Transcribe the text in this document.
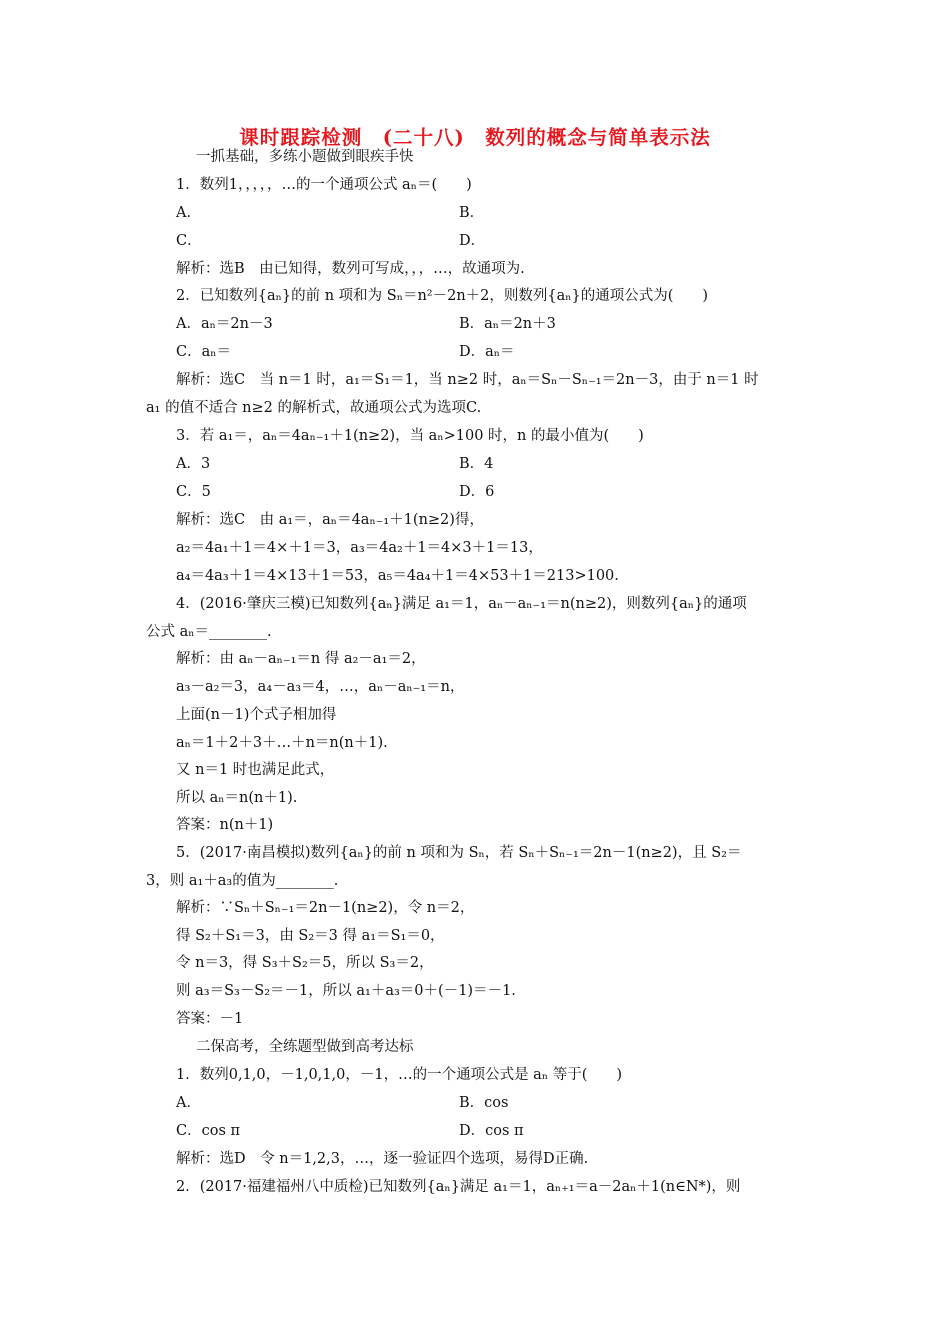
课时跟踪检测　(二十八)　数列的概念与简单表示法
一抓基础，多练小题做到眼疾手快
1．数列1，，，，，…的一个通项公式 aₙ＝(　　)
A．	B．
C．	D．
解析：选B　由已知得，数列可写成，，，…，故通项为.
2．已知数列{aₙ}的前 n 项和为 Sₙ＝n²－2n＋2，则数列{aₙ}的通项公式为(　　)
A．aₙ＝2n－3	B．aₙ＝2n＋3
C．aₙ＝	D．aₙ＝
解析：选C　当 n＝1 时，a₁＝S₁＝1，当 n≥2 时，aₙ＝Sₙ－Sₙ₋₁＝2n－3，由于 n＝1 时
a₁ 的值不适合 n≥2 的解析式，故通项公式为选项C.
3．若 a₁＝，aₙ＝4aₙ₋₁＋1(n≥2)，当 aₙ>100 时，n 的最小值为(　　)
A．3	B．4
C．5	D．6
解析：选C　由 a₁＝，aₙ＝4aₙ₋₁＋1(n≥2)得，
a₂＝4a₁＋1＝4×＋1＝3，a₃＝4a₂＋1＝4×3＋1＝13，
a₄＝4a₃＋1＝4×13＋1＝53，a₅＝4a₄＋1＝4×53＋1＝213>100.
4．(2016·肇庆三模)已知数列{aₙ}满足 a₁＝1，aₙ－aₙ₋₁＝n(n≥2)，则数列{aₙ}的通项
公式 aₙ＝________.
解析：由 aₙ－aₙ₋₁＝n 得 a₂－a₁＝2，
a₃－a₂＝3，a₄－a₃＝4，…，aₙ－aₙ₋₁＝n，
上面(n－1)个式子相加得
aₙ＝1＋2＋3＋…＋n＝n(n＋1).
又 n＝1 时也满足此式，
所以 aₙ＝n(n＋1).
答案：n(n＋1)
5．(2017·南昌模拟)数列{aₙ}的前 n 项和为 Sₙ，若 Sₙ＋Sₙ₋₁＝2n－1(n≥2)，且 S₂＝
3，则 a₁＋a₃的值为________.
解析：∵Sₙ＋Sₙ₋₁＝2n－1(n≥2)，令 n＝2，
得 S₂＋S₁＝3，由 S₂＝3 得 a₁＝S₁＝0，
令 n＝3，得 S₃＋S₂＝5，所以 S₃＝2，
则 a₃＝S₃－S₂＝－1，所以 a₁＋a₃＝0＋(－1)＝－1.
答案：－1
二保高考，全练题型做到高考达标
1．数列0,1,0，－1,0,1,0，－1，…的一个通项公式是 aₙ 等于(　　)
A．	B．cos
C．cos π	D．cos π
解析：选D　令 n＝1,2,3，…，逐一验证四个选项，易得D正确.
2．(2017·福建福州八中质检)已知数列{aₙ}满足 a₁＝1，aₙ₊₁＝a－2aₙ＋1(n∈N*)，则
